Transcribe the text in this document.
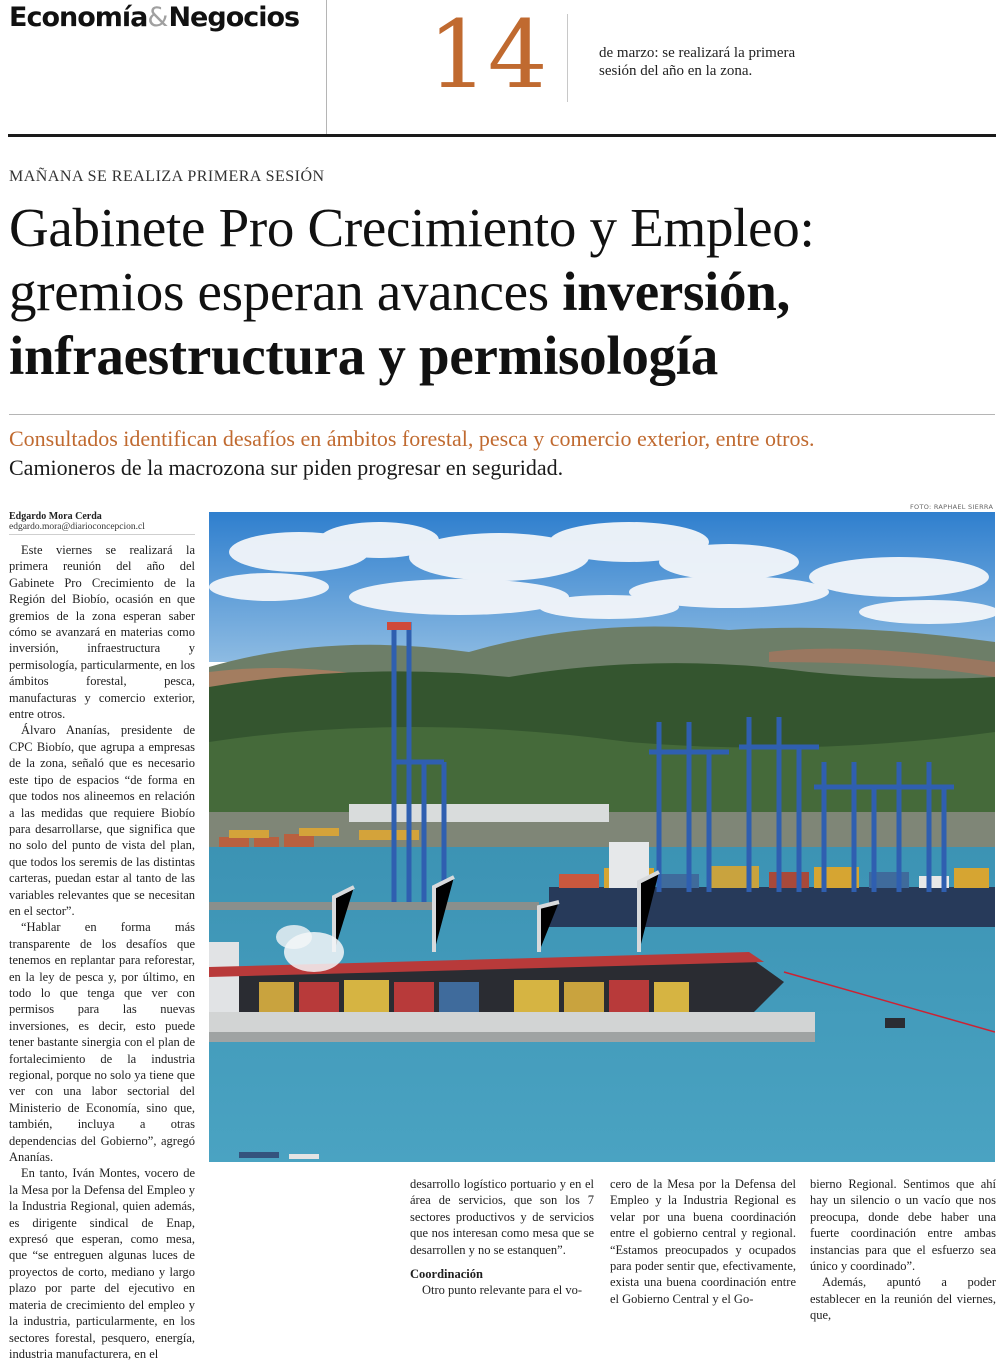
Economía&Negocios 14	de marzo: se realizará la primera sesión del año en la zona.
MAÑANA SE REALIZA PRIMERA SESIÓN
Gabinete Pro Crecimiento y Empleo: gremios esperan avances inversión, infraestructura y permisología
Consultados identifican desafíos en ámbitos forestal, pesca y comercio exterior, entre otros.
Camioneros de la macrozona sur piden progresar en seguridad.
Edgardo Mora Cerda
edgardo.mora@diarioconcepcion.cl

Este viernes se realizará la primera reunión del año del Gabinete Pro Crecimiento de la Región del Biobío, ocasión en que gremios de la zona esperan saber cómo se avanzará en materias como inversión, infraestructura y permisología, particularmente, en los ámbitos forestal, pesca, manufacturas y comercio exterior, entre otros.

Álvaro Ananías, presidente de CPC Biobío, que agrupa a empresas de la zona, señaló que es necesario este tipo de espacios “de forma en que todos nos alineemos en relación a las medidas que requiere Biobío para desarrollarse, que significa que no solo del punto de vista del plan, que todos los seremis de las distintas carteras, puedan estar al tanto de las variables relevantes que se necesitan en el sector”.

“Hablar en forma más transparente de los desafíos que tenemos en replantar para reforestar, en la ley de pesca y, por último, en todo lo que tenga que ver con permisos para las nuevas inversiones, es decir, esto puede tener bastante sinergia con el plan de fortalecimiento de la industria regional, porque no solo ya tiene que ver con una labor sectorial del Ministerio de Economía, sino que, también, incluya a otras dependencias del Gobierno”, agregó Ananías.

En tanto, Iván Montes, vocero de la Mesa por la Defensa del Empleo y la Industria Regional, quien además, es dirigente sindical de Enap, expresó que esperan, como mesa, que “se entreguen algunas luces de proyectos de corto, mediano y largo plazo por parte del ejecutivo en materia de crecimiento del empleo y la industria, particularmente, en los sectores forestal, pesquero, energía, industria manufacturera, en el

FOTO: RAPHAEL SIERRA

desarrollo logístico portuario y en el área de servicios, que son los 7 sectores productivos y de servicios que nos interesan como mesa que se desarrollen y no se estanquen”.

Coordinación

Otro punto relevante para el vo-

cero de la Mesa por la Defensa del Empleo y la Industria Regional es velar por una buena coordinación entre el gobierno central y regional. “Estamos preocupados y ocupados para poder sentir que, efectivamente, exista una buena coordinación entre el Gobierno Central y el Go-

bierno Regional. Sentimos que ahí hay un silencio o un vacío que nos preocupa, donde debe haber una fuerte coordinación entre ambas instancias para que el esfuerzo sea único y coordinado”.

Además, apuntó a poder establecer en la reunión del viernes, que,
